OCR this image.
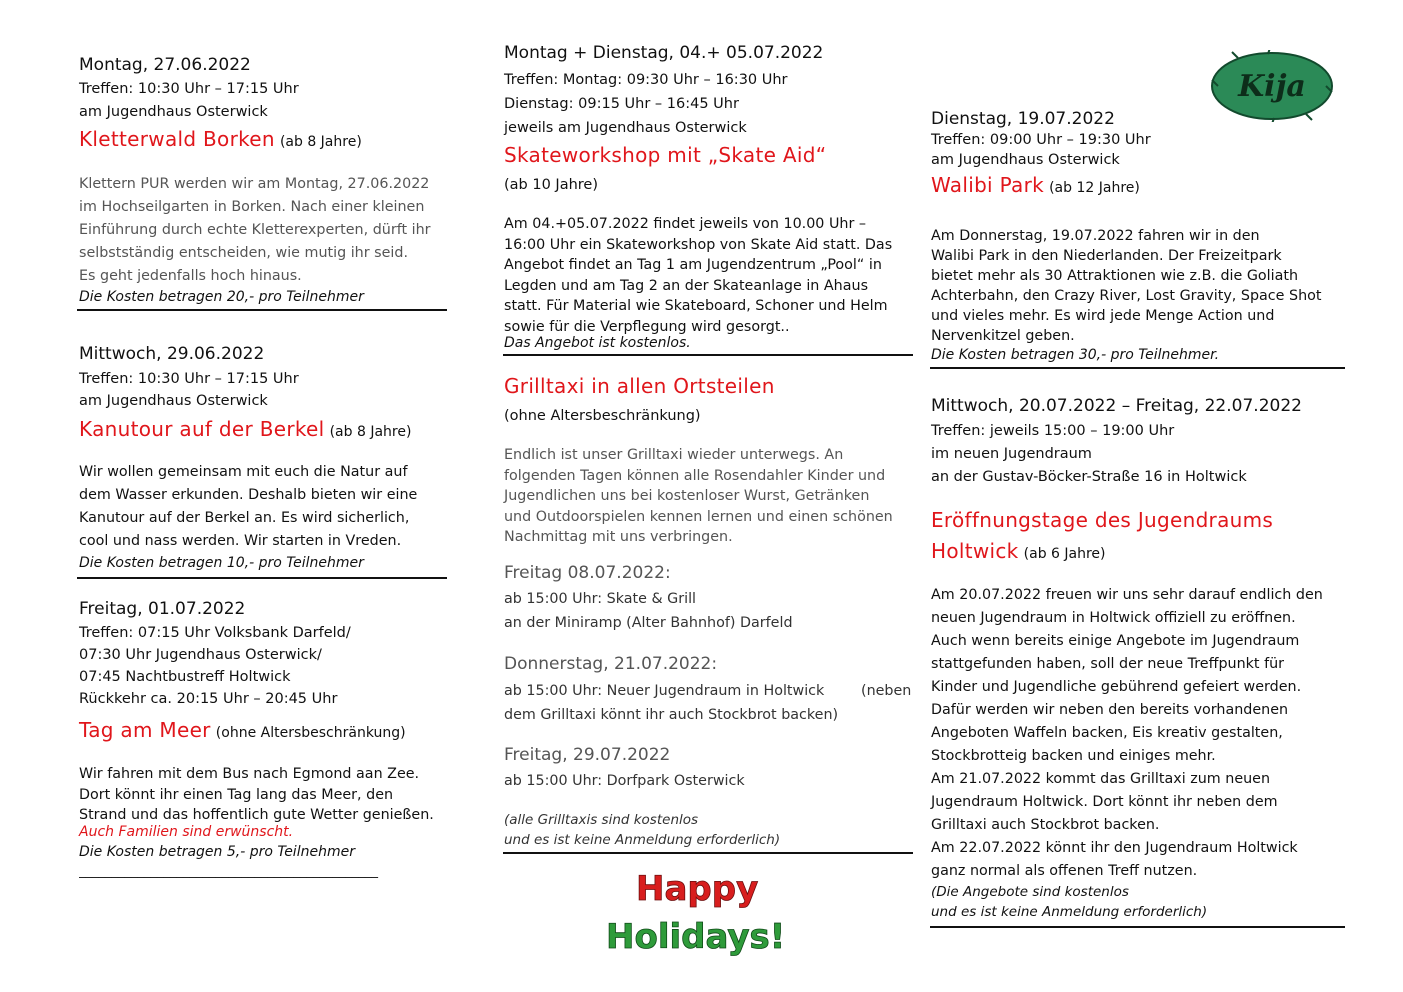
Montag, 27.06.2022
Treffen: 10:30 Uhr – 17:15 Uhr
am Jugendhaus Osterwick
Kletterwald Borken (ab 8 Jahre)
Klettern PUR werden wir am Montag, 27.06.2022
im Hochseilgarten in Borken. Nach einer kleinen
Einführung durch echte Kletterexperten, dürft ihr
selbstständig entscheiden, wie mutig ihr seid.
Es geht jedenfalls hoch hinaus.
Die Kosten betragen 20,- pro Teilnehmer
Mittwoch, 29.06.2022
Treffen: 10:30 Uhr – 17:15 Uhr
am Jugendhaus Osterwick
Kanutour auf der Berkel (ab 8 Jahre)
Wir wollen gemeinsam mit euch die Natur auf
dem Wasser erkunden. Deshalb bieten wir eine
Kanutour auf der Berkel an. Es wird sicherlich,
cool und nass werden. Wir starten in Vreden.
Die Kosten betragen 10,- pro Teilnehmer
Freitag, 01.07.2022
Treffen: 07:15 Uhr Volksbank Darfeld/
07:30 Uhr Jugendhaus Osterwick/
07:45 Nachtbustreff Holtwick
Rückkehr ca. 20:15 Uhr – 20:45 Uhr
Tag am Meer (ohne Altersbeschränkung)
Wir fahren mit dem Bus nach Egmond aan Zee.
Dort könnt ihr einen Tag lang das Meer, den
Strand und das hoffentlich gute Wetter genießen.
Auch Familien sind erwünscht.
Die Kosten betragen 5,- pro Teilnehmer
______________________________________________
Montag + Dienstag, 04.+ 05.07.2022
Treffen: Montag: 09:30 Uhr – 16:30 Uhr
Dienstag: 09:15 Uhr – 16:45 Uhr
jeweils am Jugendhaus Osterwick
Skateworkshop mit „Skate Aid“
(ab 10 Jahre)
Am 04.+05.07.2022 findet jeweils von 10.00 Uhr –
16:00 Uhr ein Skateworkshop von Skate Aid statt. Das
Angebot findet an Tag 1 am Jugendzentrum „Pool“ in
Legden und am Tag 2 an der Skateanlage in Ahaus
statt. Für Material wie Skateboard, Schoner und Helm
sowie für die Verpflegung wird gesorgt..
Das Angebot ist kostenlos.
Grilltaxi in allen Ortsteilen
(ohne Altersbeschränkung)
Endlich ist unser Grilltaxi wieder unterwegs. An
folgenden Tagen können alle Rosendahler Kinder und
Jugendlichen uns bei kostenloser Wurst, Getränken
und Outdoorspielen kennen lernen und einen schönen
Nachmittag mit uns verbringen.
Freitag 08.07.2022:
ab 15:00 Uhr: Skate & Grill
an der Miniramp (Alter Bahnhof) Darfeld
Donnerstag, 21.07.2022:
ab 15:00 Uhr: Neuer Jugendraum in Holtwick	(neben
dem Grilltaxi könnt ihr auch Stockbrot backen)
Freitag, 29.07.2022
ab 15:00 Uhr: Dorfpark Osterwick
(alle Grilltaxis sind kostenlos
und es ist keine Anmeldung erforderlich)
Happy
Holidays!
Kija
Dienstag, 19.07.2022
Treffen: 09:00 Uhr – 19:30 Uhr
am Jugendhaus Osterwick
Walibi Park (ab 12 Jahre)
Am Donnerstag, 19.07.2022 fahren wir in den
Walibi Park in den Niederlanden. Der Freizeitpark
bietet mehr als 30 Attraktionen wie z.B. die Goliath
Achterbahn, den Crazy River, Lost Gravity, Space Shot
und vieles mehr. Es wird jede Menge Action und
Nervenkitzel geben.
Die Kosten betragen 30,- pro Teilnehmer.
Mittwoch, 20.07.2022 – Freitag, 22.07.2022
Treffen: jeweils 15:00 – 19:00 Uhr
im neuen Jugendraum
an der Gustav-Böcker-Straße 16 in Holtwick
Eröffnungstage des Jugendraums
Holtwick (ab 6 Jahre)
Am 20.07.2022 freuen wir uns sehr darauf endlich den
neuen Jugendraum in Holtwick offiziell zu eröffnen.
Auch wenn bereits einige Angebote im Jugendraum
stattgefunden haben, soll der neue Treffpunkt für
Kinder und Jugendliche gebührend gefeiert werden.
Dafür werden wir neben den bereits vorhandenen
Angeboten Waffeln backen, Eis kreativ gestalten,
Stockbrotteig backen und einiges mehr.
Am 21.07.2022 kommt das Grilltaxi zum neuen
Jugendraum Holtwick. Dort könnt ihr neben dem
Grilltaxi auch Stockbrot backen.
Am 22.07.2022 könnt ihr den Jugendraum Holtwick
ganz normal als offenen Treff nutzen.
(Die Angebote sind kostenlos
und es ist keine Anmeldung erforderlich)
